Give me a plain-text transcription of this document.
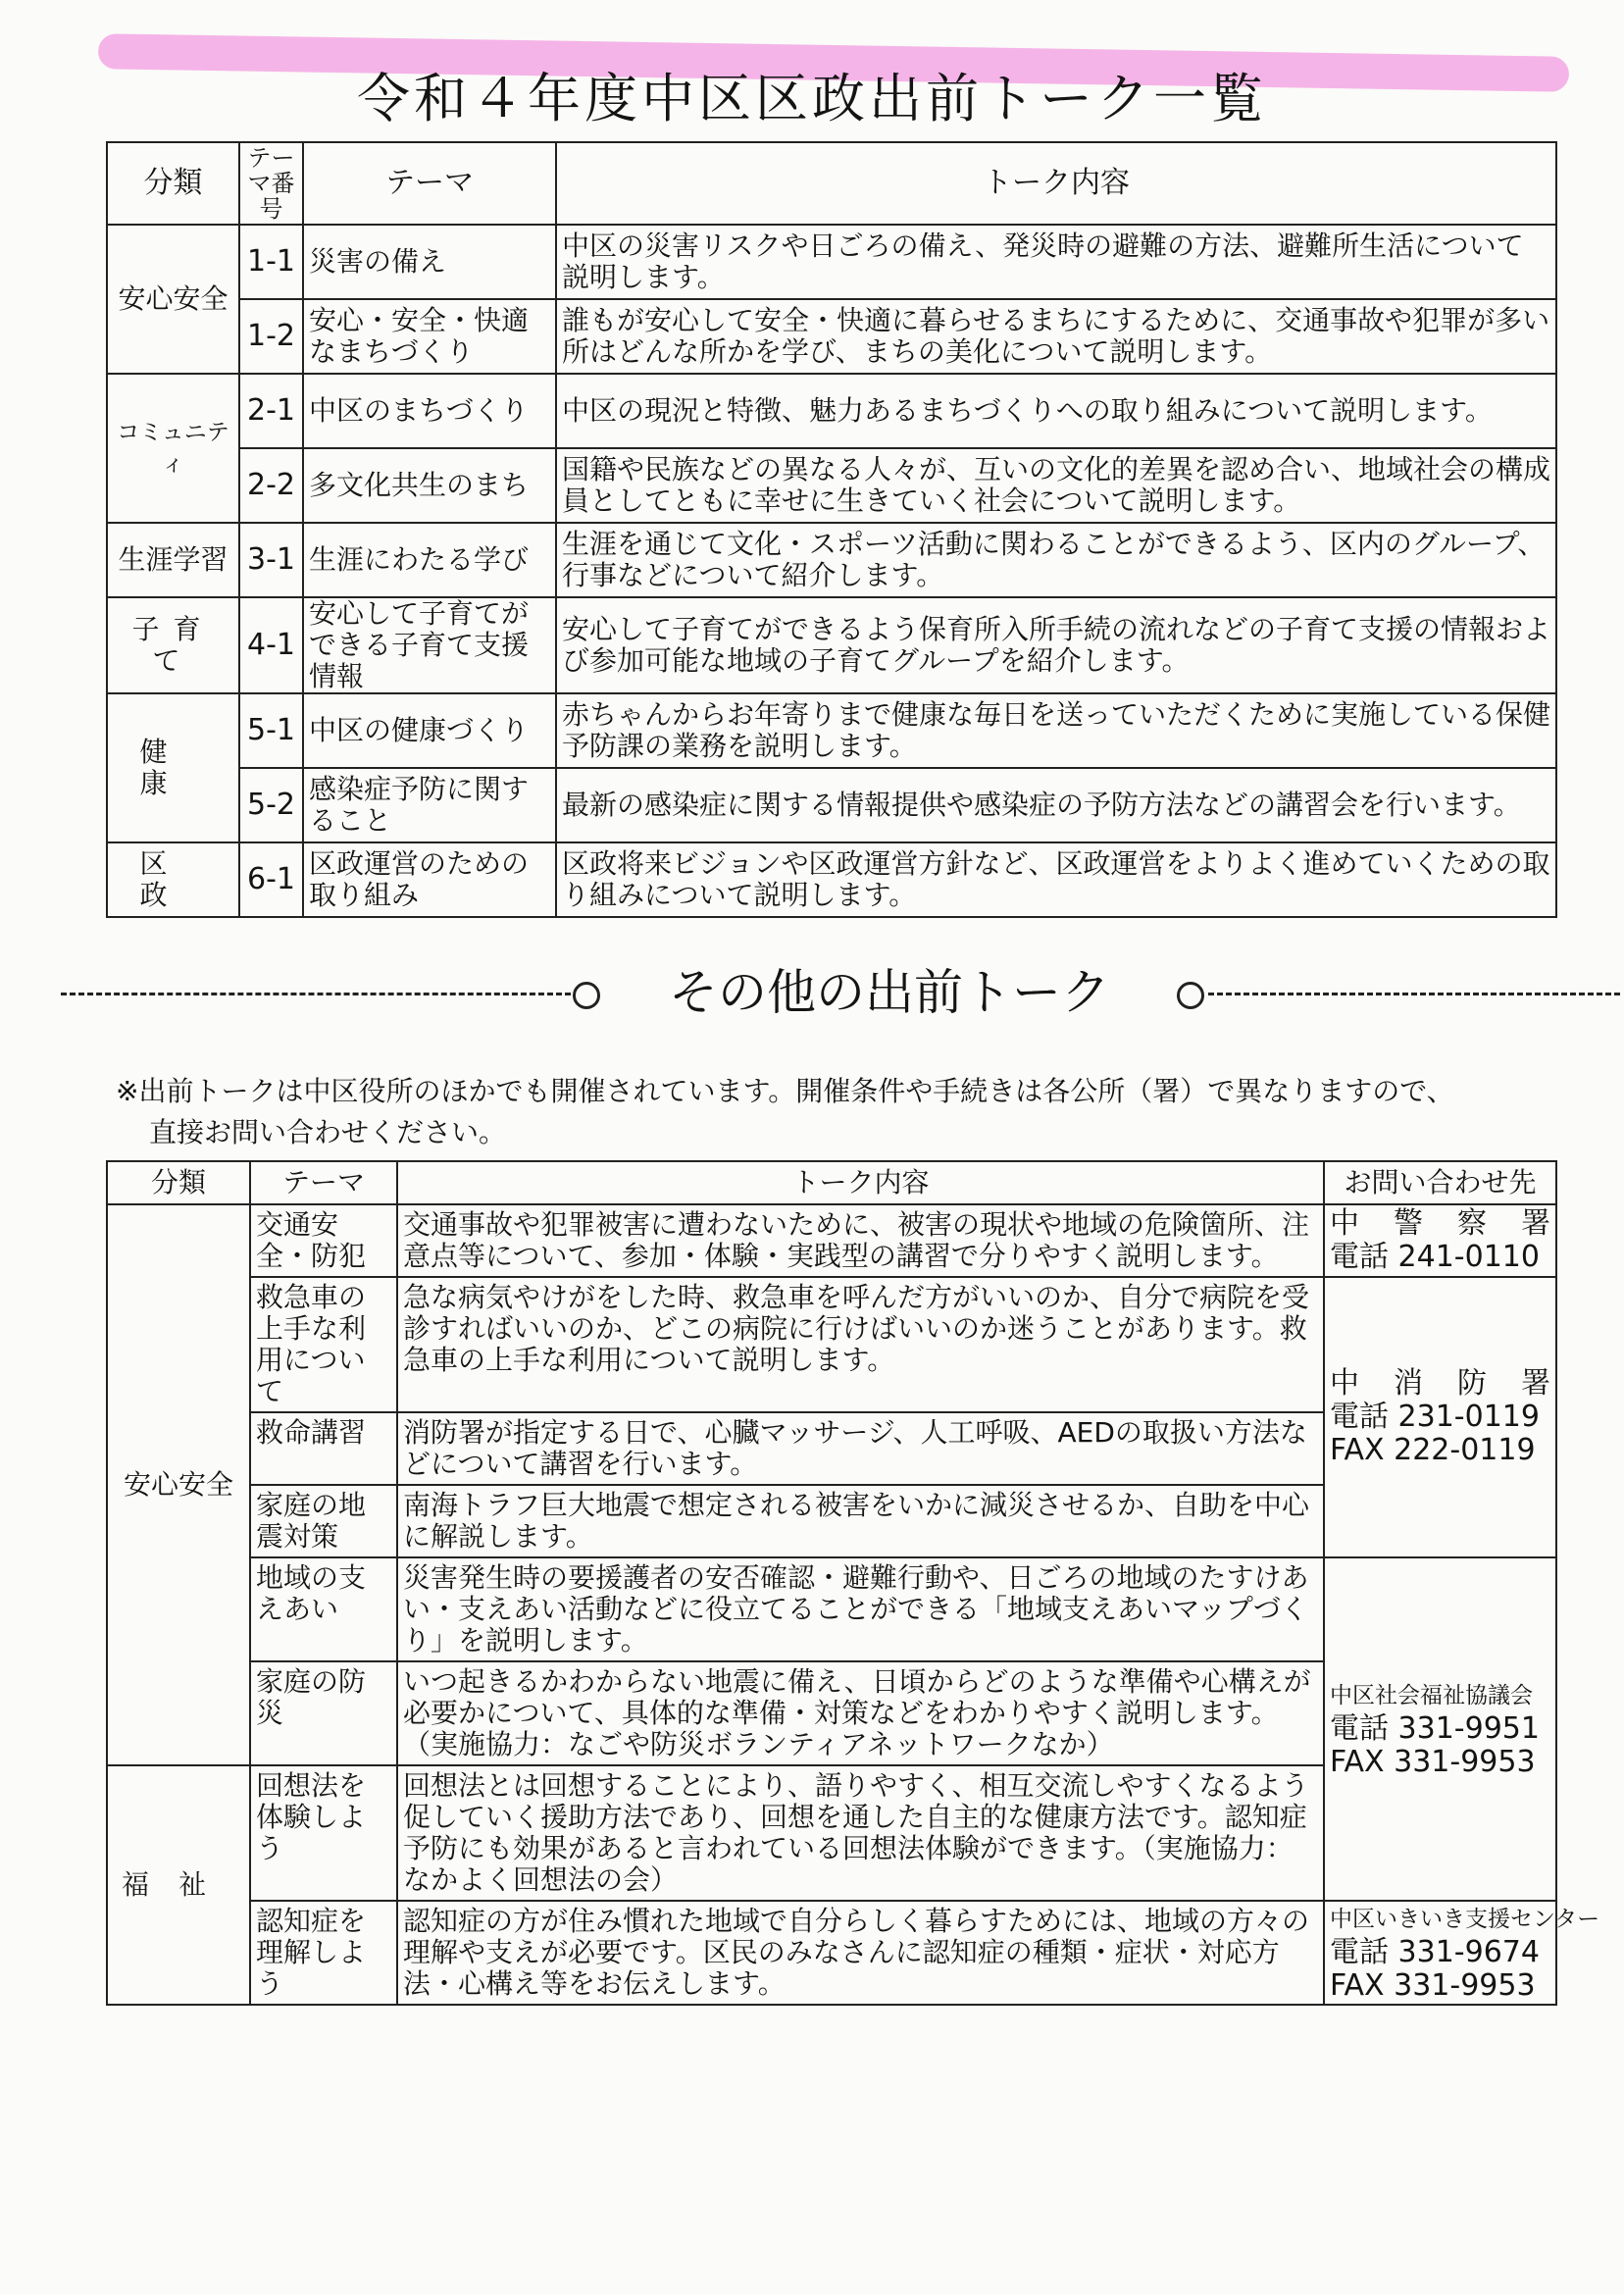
令和４年度中区区政出前トーク一覧
分類	テーマ番号	テーマ	トーク内容
安心安全	1-1	災害の備え	中区の災害リスクや日ごろの備え、発災時の避難の方法、避難所生活について説明します。
	1-2	安心・安全・快適なまちづくり	誰もが安心して安全・快適に暮らせるまちにするために、交通事故や犯罪が多い所はどんな所かを学び、まちの美化について説明します。
コミュニティ	2-1	中区のまちづくり	中区の現況と特徴、魅力あるまちづくりへの取り組みについて説明します。
	2-2	多文化共生のまち	国籍や民族などの異なる人々が、互いの文化的差異を認め合い、地域社会の構成員としてともに幸せに生きていく社会について説明します。
生涯学習	3-1	生涯にわたる学び	生涯を通じて文化・スポーツ活動に関わることができるよう、区内のグループ、行事などについて紹介します。
子育て	4-1	安心して子育てができる子育て支援情報	安心して子育てができるよう保育所入所手続の流れなどの子育て支援の情報および参加可能な地域の子育てグループを紹介します。
健康	5-1	中区の健康づくり	赤ちゃんからお年寄りまで健康な毎日を送っていただくために実施している保健予防課の業務を説明します。
	5-2	感染症予防に関すること	最新の感染症に関する情報提供や感染症の予防方法などの講習会を行います。
区政	6-1	区政運営のための取り組み	区政将来ビジョンや区政運営方針など、区政運営をよりよく進めていくための取り組みについて説明します。
その他の出前トーク
※出前トークは中区役所のほかでも開催されています。開催条件や手続きは各公所（署）で異なりますので、
直接お問い合わせください。
分類	テーマ	トーク内容	お問い合わせ先
安心安全	交通安全・防犯	交通事故や犯罪被害に遭わないために、被害の現状や地域の危険箇所、注意点等について、参加・体験・実践型の講習で分りやすく説明します。	中警察署
電話 241-0110

	救急車の上手な利用について	急な病気やけがをした時、救急車を呼んだ方がいいのか、自分で病院を受診すればいいのか、どこの病院に行けばいいのか迷うことがあります。救急車の上手な利用について説明します。	中消防署
電話 231-0119
FAX 222-0119

	救命講習	消防署が指定する日で、心臓マッサージ、人工呼吸、AEDの取扱い方法などについて講習を行います。	
	家庭の地震対策	南海トラフ巨大地震で想定される被害をいかに減災させるか、自助を中心に解説します。	
	地域の支えあい	災害発生時の要援護者の安否確認・避難行動や、日ごろの地域のたすけあい・支えあい活動などに役立てることができる「地域支えあいマップづくり」を説明します。	中区社会福祉協議会
電話 331-9951
FAX 331-9953

	家庭の防災	いつ起きるかわからない地震に備え、日頃からどのような準備や心構えが必要かについて、具体的な準備・対策などをわかりやすく説明します。（実施協力：なごや防災ボランティアネットワークなか）	
福祉	回想法を体験しよう	回想法とは回想することにより、語りやすく、相互交流しやすくなるよう促していく援助方法であり、回想を通した自主的な健康方法です。認知症予防にも効果があると言われている回想法体験ができます。（実施協力：なかよく回想法の会）	
	認知症を理解しよう	認知症の方が住み慣れた地域で自分らしく暮らすためには、地域の方々の理解や支えが必要です。区民のみなさんに認知症の種類・症状・対応方法・心構え等をお伝えします。	中区いきいき支援センター
電話 331-9674
FAX 331-9953
